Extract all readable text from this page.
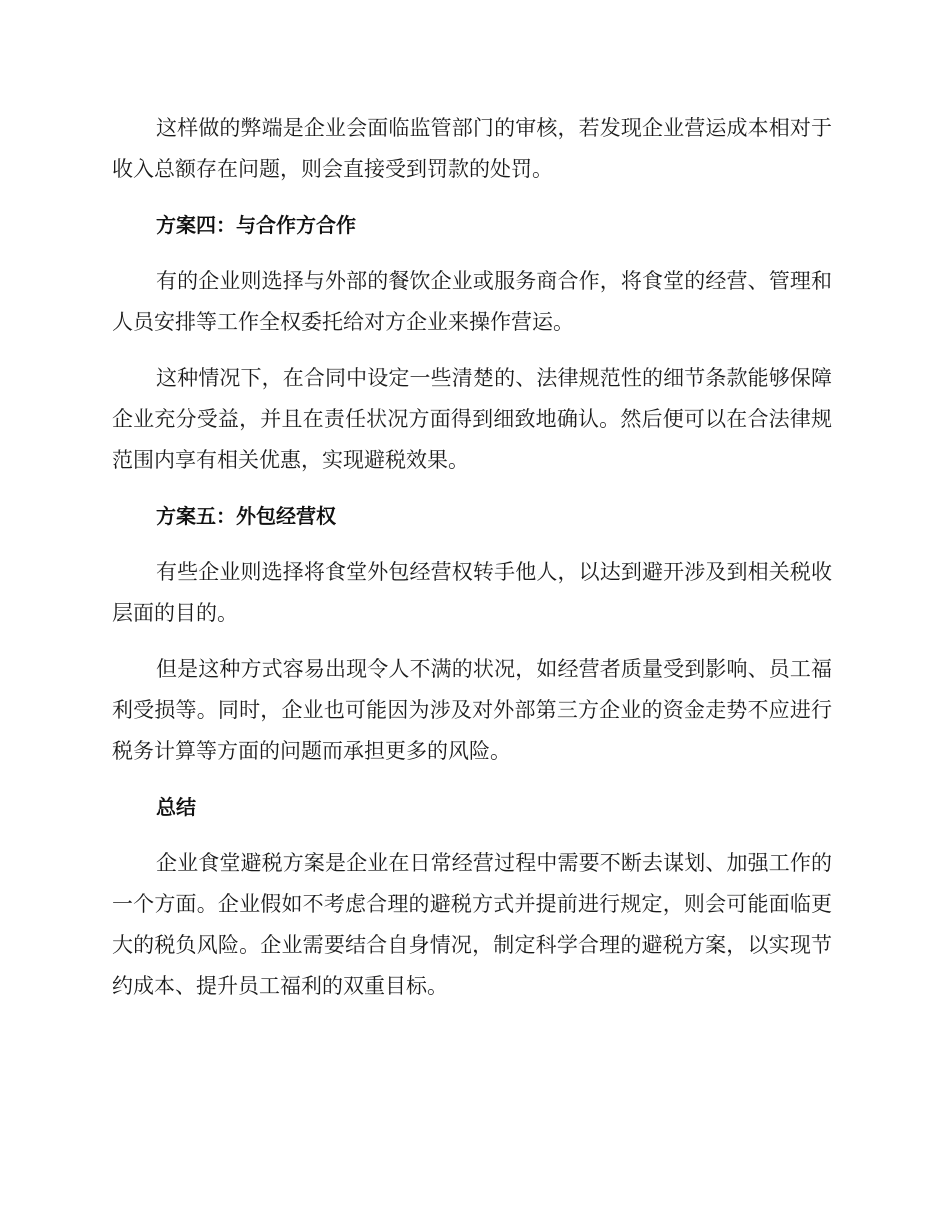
这样做的弊端是企业会面临监管部门的审核，若发现企业营运成本相对于收入总额存在问题，则会直接受到罚款的处罚。

方案四：与合作方合作

有的企业则选择与外部的餐饮企业或服务商合作，将食堂的经营、管理和人员安排等工作全权委托给对方企业来操作营运。

这种情况下，在合同中设定一些清楚的、法律规范性的细节条款能够保障企业充分受益，并且在责任状况方面得到细致地确认。然后便可以在合法律规范围内享有相关优惠，实现避税效果。

方案五：外包经营权

有些企业则选择将食堂外包经营权转手他人，以达到避开涉及到相关税收层面的目的。

但是这种方式容易出现令人不满的状况，如经营者质量受到影响、员工福利受损等。同时，企业也可能因为涉及对外部第三方企业的资金走势不应进行税务计算等方面的问题而承担更多的风险。

总结

企业食堂避税方案是企业在日常经营过程中需要不断去谋划、加强工作的一个方面。企业假如不考虑合理的避税方式并提前进行规定，则会可能面临更大的税负风险。企业需要结合自身情况，制定科学合理的避税方案，以实现节约成本、提升员工福利的双重目标。
